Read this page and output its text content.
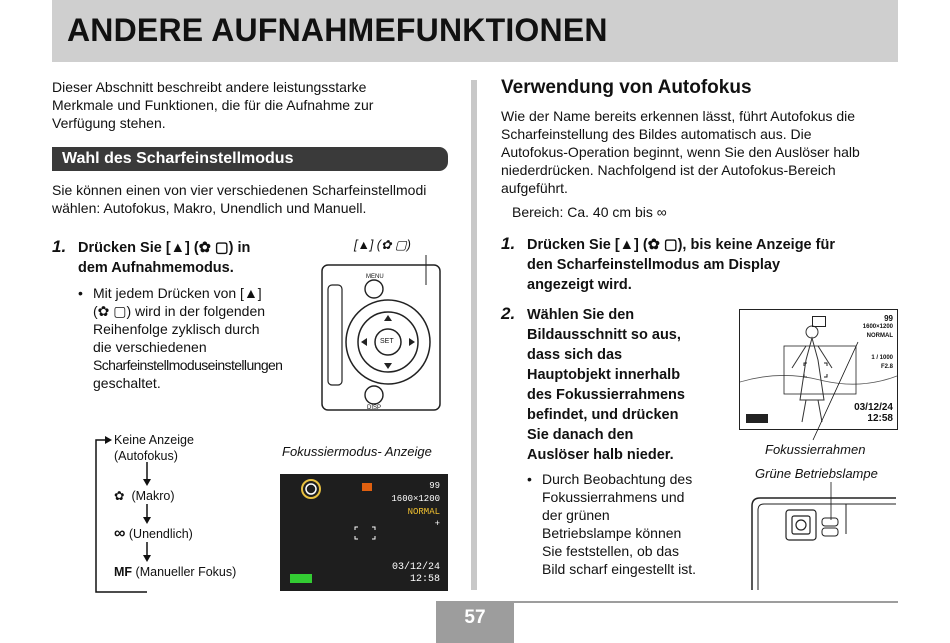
ANDERE AUFNAHMEFUNKTIONEN

Dieser Abschnitt beschreibt andere leistungsstarke

Merkmale und Funktionen, die für die Aufnahme zur

Verfügung stehen.

Wahl des Scharfeinstellmodus

Sie können einen von vier verschiedenen Scharfeinstellmodi

wählen: Autofokus, Makro, Unendlich und Manuell.

1. Drücken Sie [▲] (✿ ▢) in

dem Aufnahmemodus.

• Mit jedem Drücken von [▲]

(✿ ▢) wird in der folgenden

Reihenfolge zyklisch durch

die verschiedenen

Scharfeinstellmoduseinstellungen

geschaltet.

[▲] (✿ ▢)
MENU
SET
DISP

Keine Anzeige

(Autofokus)

✿ (Makro)
∞ (Unendlich)
MF (Manueller Fokus)
Fokussiermodus- Anzeige
99
1600×1200
NORMAL
+
03/12/24
12:58
Verwendung von Autofokus

Wie der Name bereits erkennen lässt, führt Autofokus die

Scharfeinstellung des Bildes automatisch aus. Die

Autofokus-Operation beginnt, wenn Sie den Auslöser halb

niederdrücken. Nachfolgend ist der Autofokus-Bereich

aufgeführt.

Bereich: Ca. 40 cm bis ∞
1. Drücken Sie [▲] (✿ ▢), bis keine Anzeige für

den Scharfeinstellmodus am Display

angezeigt wird.

2. Wählen Sie den

Bildausschnitt so aus,

dass sich das

Hauptobjekt innerhalb

des Fokussierrahmens

befindet, und drücken

Sie danach den

Auslöser halb nieder.

• Durch Beobachtung des

Fokussierrahmens und

der grünen

Betriebslampe können

Sie feststellen, ob das

Bild scharf eingestellt ist.

99
1600×1200
NORMAL
1 / 1000
F2.8
03/12/24
12:58
Fokussierrahmen
Grüne Betriebslampe
57
